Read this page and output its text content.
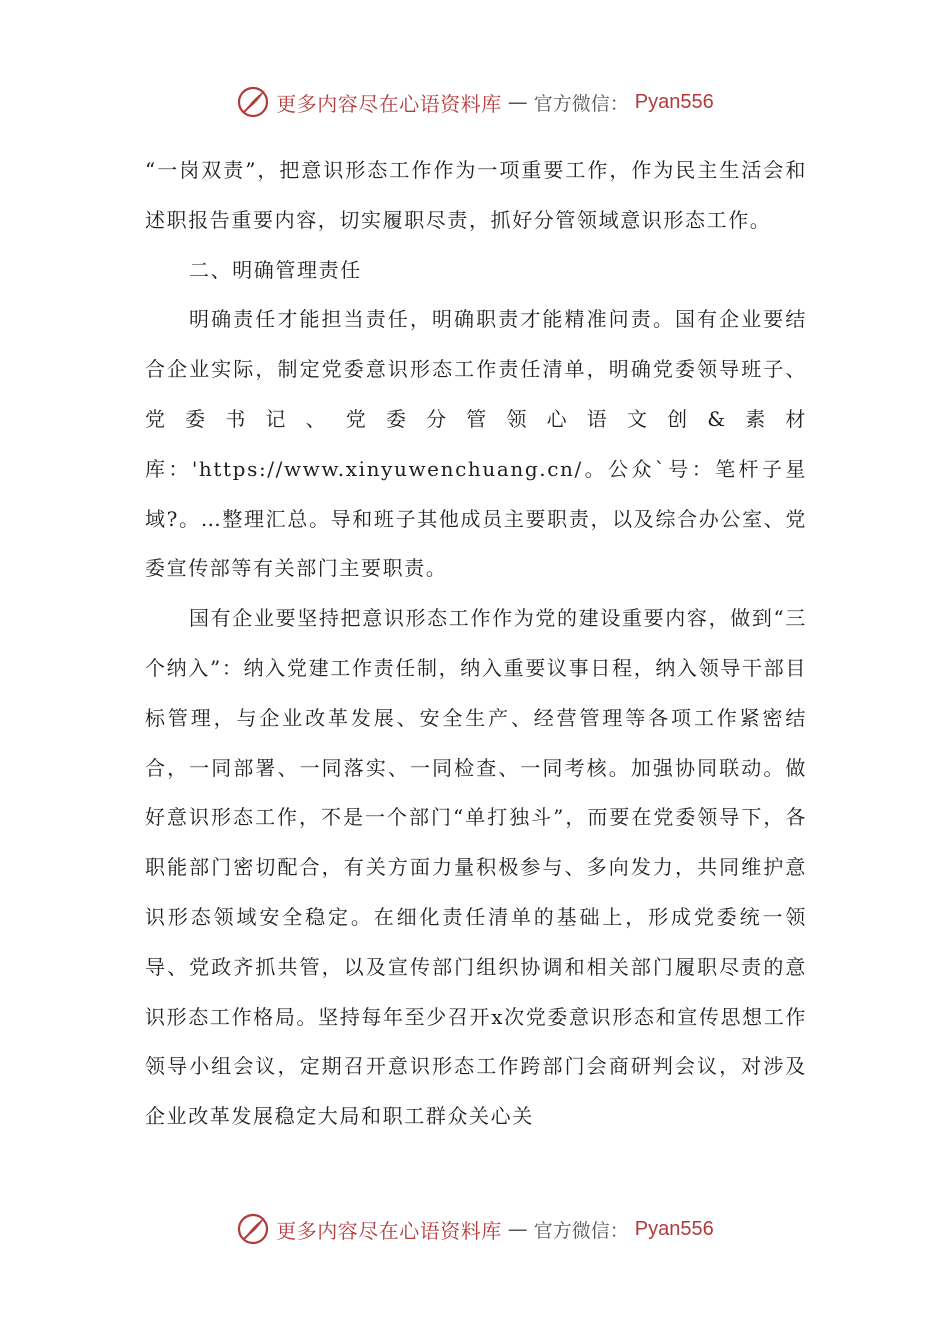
更多内容尽在心语资料库 — 官方微信： Pyan556

“一岗双责”，把意识形态工作作为一项重要工作，作为民主生活会和述职报告重要内容，切实履职尽责，抓好分管领域意识形态工作。

二、明确管理责任

明确责任才能担当责任，明确职责才能精准问责。国有企业要结合企业实际，制定党委意识形态工作责任清单，明确党委领导班子、党委书记、党委分管领心语文创&素材库：'https://www.xinyuwenchuang.cn/。公众`号：笔杆子星域?。…整理汇总。导和班子其他成员主要职责，以及综合办公室、党委宣传部等有关部门主要职责。

国有企业要坚持把意识形态工作作为党的建设重要内容，做到“三个纳入”：纳入党建工作责任制，纳入重要议事日程，纳入领导干部目标管理，与企业改革发展、安全生产、经营管理等各项工作紧密结合，一同部署、一同落实、一同检查、一同考核。加强协同联动。做好意识形态工作，不是一个部门“单打独斗”，而要在党委领导下，各职能部门密切配合，有关方面力量积极参与、多向发力，共同维护意识形态领域安全稳定。在细化责任清单的基础上，形成党委统一领导、党政齐抓共管，以及宣传部门组织协调和相关部门履职尽责的意识形态工作格局。坚持每年至少召开x次党委意识形态和宣传思想工作领导小组会议，定期召开意识形态工作跨部门会商研判会议，对涉及企业改革发展稳定大局和职工群众关心关

更多内容尽在心语资料库 — 官方微信： Pyan556
